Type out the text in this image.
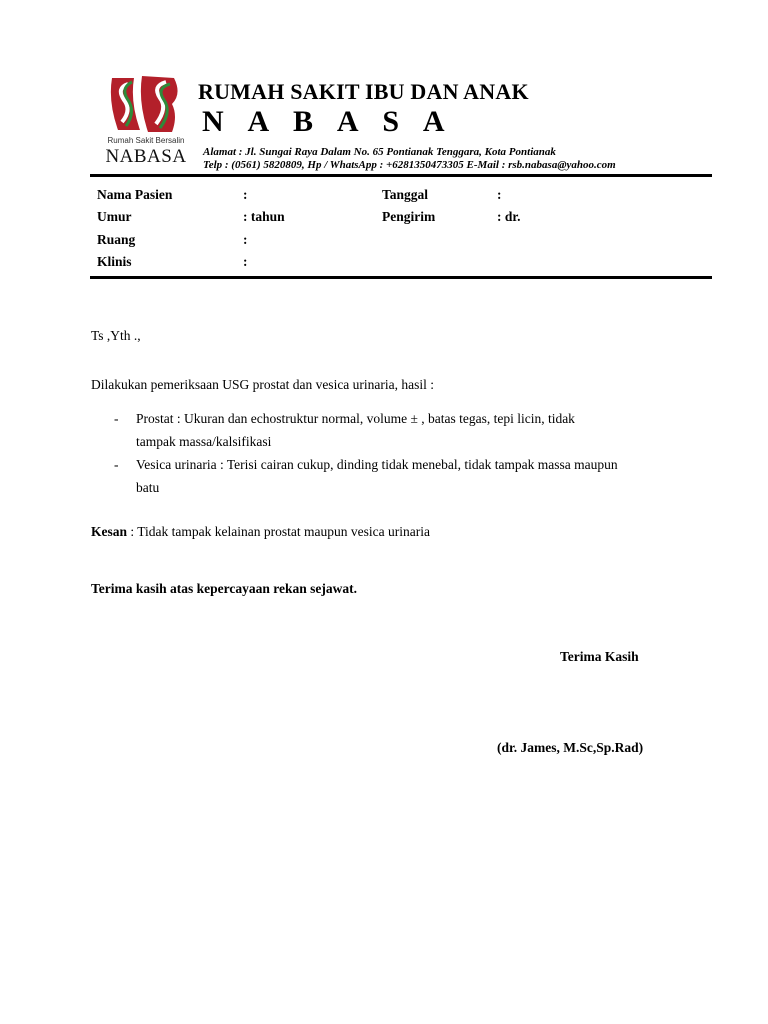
Rumah Sakit Bersalin
NABASA
RUMAH SAKIT IBU DAN ANAK
N A B A S A
Alamat : Jl. Sungai Raya Dalam No. 65 Pontianak Tenggara, Kota Pontianak
Telp : (0561) 5820809, Hp / WhatsApp : +6281350473305 E-Mail : rsb.nabasa@yahoo.com
Nama Pasien	:	Tanggal	:
Umur	: tahun	Pengirim	: dr.
Ruang	:
Klinis	:
Ts ,Yth .,
Dilakukan pemeriksaan USG prostat dan vesica urinaria, hasil :
- Prostat : Ukuran dan echostruktur normal, volume ± , batas tegas, tepi licin, tidak
tampak massa/kalsifikasi
- Vesica urinaria : Terisi cairan cukup, dinding tidak menebal, tidak tampak massa maupun
batu
Kesan : Tidak tampak kelainan prostat maupun vesica urinaria
Terima kasih atas kepercayaan rekan sejawat.
Terima Kasih
(dr. James, M.Sc,Sp.Rad)
